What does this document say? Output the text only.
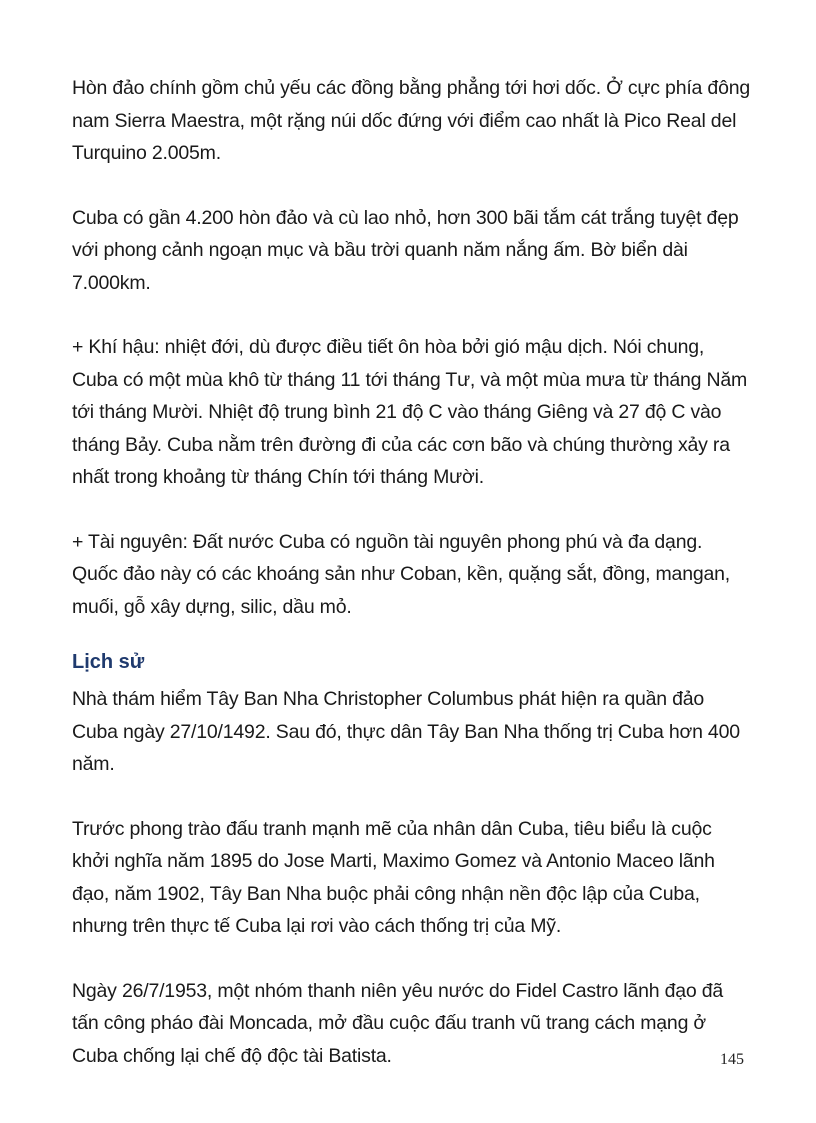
Hòn đảo chính gồm chủ yếu các đồng bằng phẳng tới hơi dốc. Ở cực phía đông nam Sierra Maestra, một rặng núi dốc đứng với điểm cao nhất là Pico Real del Turquino 2.005m.

Cuba có gần 4.200 hòn đảo và cù lao nhỏ, hơn 300 bãi tắm cát trắng tuyệt đẹp với phong cảnh ngoạn mục và bầu trời quanh năm nắng ấm. Bờ biển dài 7.000km.

+ Khí hậu: nhiệt đới, dù được điều tiết ôn hòa bởi gió mậu dịch. Nói chung, Cuba có một mùa khô từ tháng 11 tới tháng Tư, và một mùa mưa từ tháng Năm tới tháng Mười. Nhiệt độ trung bình 21 độ C vào tháng Giêng và 27 độ C vào tháng Bảy. Cuba nằm trên đường đi của các cơn bão và chúng thường xảy ra nhất trong khoảng từ tháng Chín tới tháng Mười.

+ Tài nguyên: Đất nước Cuba có nguồn tài nguyên phong phú và đa dạng. Quốc đảo này có các khoáng sản như Coban, kền, quặng sắt, đồng, mangan, muối, gỗ xây dựng, silic, dầu mỏ.

Lịch sử

Nhà thám hiểm Tây Ban Nha Christopher Columbus phát hiện ra quần đảo Cuba ngày 27/10/1492. Sau đó, thực dân Tây Ban Nha thống trị Cuba hơn 400 năm.

Trước phong trào đấu tranh mạnh mẽ của nhân dân Cuba, tiêu biểu là cuộc khởi nghĩa năm 1895 do Jose Marti, Maximo Gomez và Antonio Maceo lãnh đạo, năm 1902, Tây Ban Nha buộc phải công nhận nền độc lập của Cuba, nhưng trên thực tế Cuba lại rơi vào cách thống trị của Mỹ.

Ngày 26/7/1953, một nhóm thanh niên yêu nước do Fidel Castro lãnh đạo đã tấn công pháo đài Moncada, mở đầu cuộc đấu tranh vũ trang cách mạng ở Cuba chống lại chế độ độc tài Batista.	145
